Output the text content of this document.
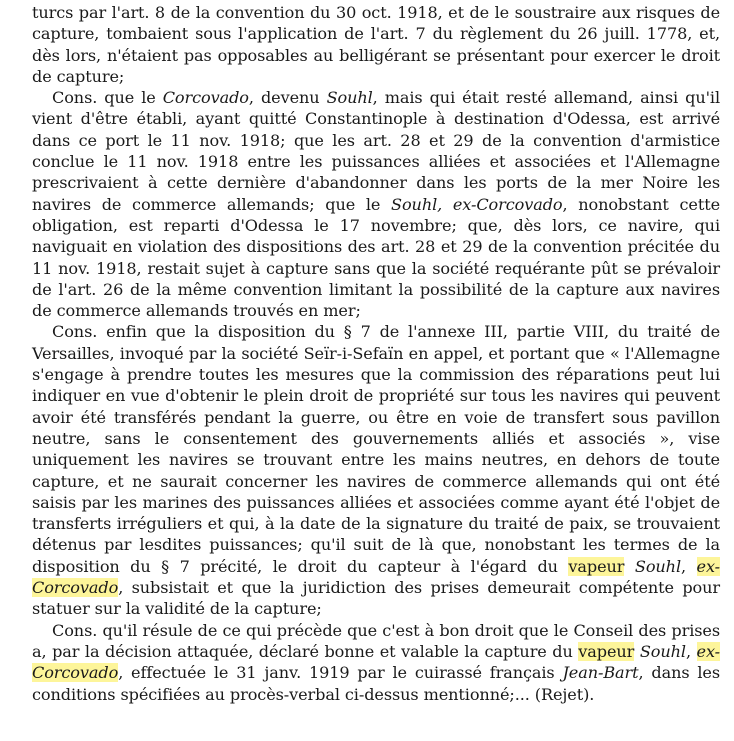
turcs par l'art. 8 de la convention du 30 oct. 1918, et de le soustraire aux risques de capture, tombaient sous l'application de l'art. 7 du règlement du 26 juill. 1778, et, dès lors, n'étaient pas opposables au belligérant se présentant pour exercer le droit de capture;

Cons. que le Corcovado, devenu Souhl, mais qui était resté allemand, ainsi qu'il vient d'être établi, ayant quitté Constantinople à destination d'Odessa, est arrivé dans ce port le 11 nov. 1918; que les art. 28 et 29 de la convention d'armistice conclue le 11 nov. 1918 entre les puissances alliées et associées et l'Allemagne prescrivaient à cette dernière d'abandonner dans les ports de la mer Noire les navires de commerce allemands; que le Souhl, ex-Corcovado, nonobstant cette obligation, est reparti d'Odessa le 17 novembre; que, dès lors, ce navire, qui naviguait en violation des dispositions des art. 28 et 29 de la convention précitée du 11 nov. 1918, restait sujet à capture sans que la société requérante pût se prévaloir de l'art. 26 de la même convention limitant la possibilité de la capture aux navires de commerce allemands trouvés en mer;

Cons. enfin que la disposition du § 7 de l'annexe III, partie VIII, du traité de Versailles, invoqué par la société Seïr-i-Sefaïn en appel, et portant que « l'Allemagne s'engage à prendre toutes les mesures que la commission des réparations peut lui indiquer en vue d'obtenir le plein droit de propriété sur tous les navires qui peuvent avoir été transférés pendant la guerre, ou être en voie de transfert sous pavillon neutre, sans le consentement des gouvernements alliés et associés », vise uniquement les navires se trouvant entre les mains neutres, en dehors de toute capture, et ne saurait concerner les navires de commerce allemands qui ont été saisis par les marines des puissances alliées et associées comme ayant été l'objet de transferts irréguliers et qui, à la date de la signature du traité de paix, se trouvaient détenus par lesdites puissances; qu'il suit de là que, nonobstant les termes de la disposition du § 7 précité, le droit du capteur à l'égard du vapeur Souhl, ex-Corcovado, subsistait et que la juridiction des prises demeurait compétente pour statuer sur la validité de la capture;

Cons. qu'il résule de ce qui précède que c'est à bon droit que le Conseil des prises a, par la décision attaquée, déclaré bonne et valable la capture du vapeur Souhl, ex-Corcovado, effectuée le 31 janv. 1919 par le cuirassé français Jean-Bart, dans les conditions spécifiées au procès-verbal ci-dessus mentionné;... (Rejet).
